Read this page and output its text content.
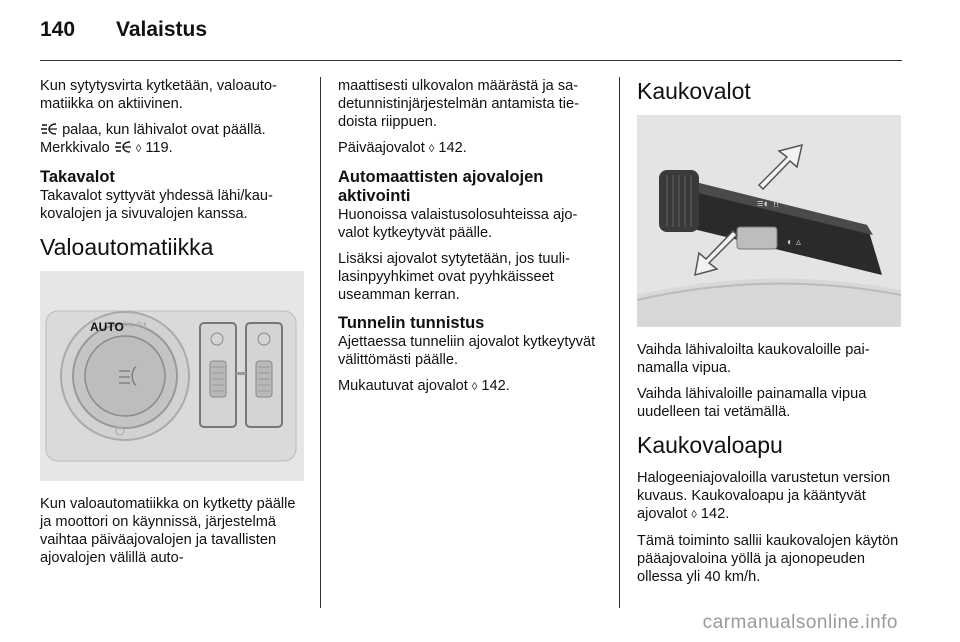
140	Valaistus

Kun sytytysvirta kytketään, valoautomatiikka on aktiivinen.

palaa, kun lähivalot ovat päällä.
Merkkivalo  ◊ 119.

Takavalot

Takavalot syttyvät yhdessä lähi/kaukovalojen ja sivuvalojen kanssa.

Valoautomatiikka
AUTO
≡◐ ≡◐

Kun valoautomatiikka on kytketty päälle ja moottori on käynnissä, järjestelmä vaihtaa päiväajovalojen ja tavallisten ajovalojen välillä auto-

maattisesti ulkovalon määrästä ja sadetunnistinjärjestelmän antamista tiedoista riippuen.

Päiväajovalot ◊ 142.

Automaattisten ajovalojen aktivointi

Huonoissa valaistusolosuhteissa ajovalot kytkeytyvät päälle.

Lisäksi ajovalot sytytetään, jos tuulilasinpyyhkimet ovat pyyhkäisseet useamman kerran.

Tunnelin tunnistus

Ajettaessa tunneliin ajovalot kytkeytyvät välittömästi päälle.

Mukautuvat ajovalot ◊ 142.

Kaukovalot
≡◐ !!
◐ ▵

Vaihda lähivaloilta kaukovaloille painamalla vipua.

Vaihda lähivaloille painamalla vipua uudelleen tai vetämällä.

Kaukovaloapu

Halogeeniajovaloilla varustetun version kuvaus. Kaukovaloapu ja kääntyvät ajovalot ◊ 142.

Tämä toiminto sallii kaukovalojen käytön pääajovaloina yöllä ja ajonopeuden ollessa yli 40 km/h.

carmanualsonline.info
